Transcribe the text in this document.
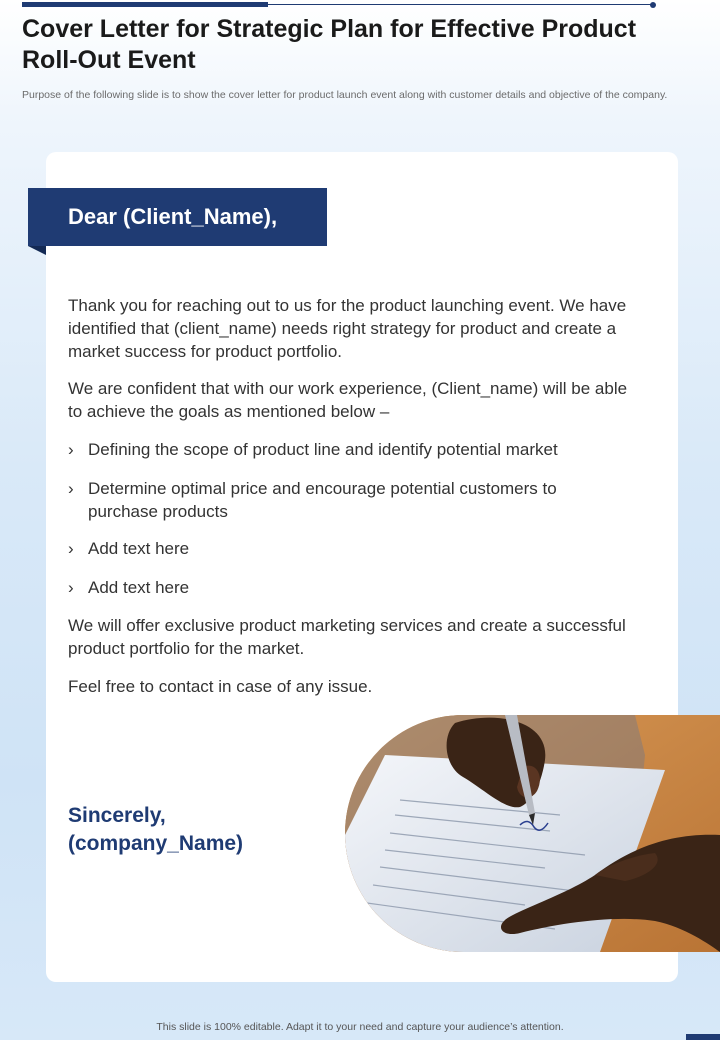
Cover Letter for Strategic Plan for Effective Product Roll-Out Event

Purpose of the following slide is to show the cover letter for product launch event along with customer details and objective of the company.

Dear (Client_Name),

Thank you for reaching out to us for the product launching event. We have identified that (client_name) needs right strategy for product and create a market success for product portfolio.

We are confident that with our work experience, (Client_name) will be able to achieve the goals as mentioned below –

› Defining the scope of product line and identify potential market
› Determine optimal price and encourage potential customers to purchase products
› Add text here
› Add text here

We will offer exclusive product marketing services and create a successful product portfolio for the market.

Feel free to contact in case of any issue.

Sincerely,
(company_Name)
This slide is 100% editable. Adapt it to your need and capture your audience’s attention.
